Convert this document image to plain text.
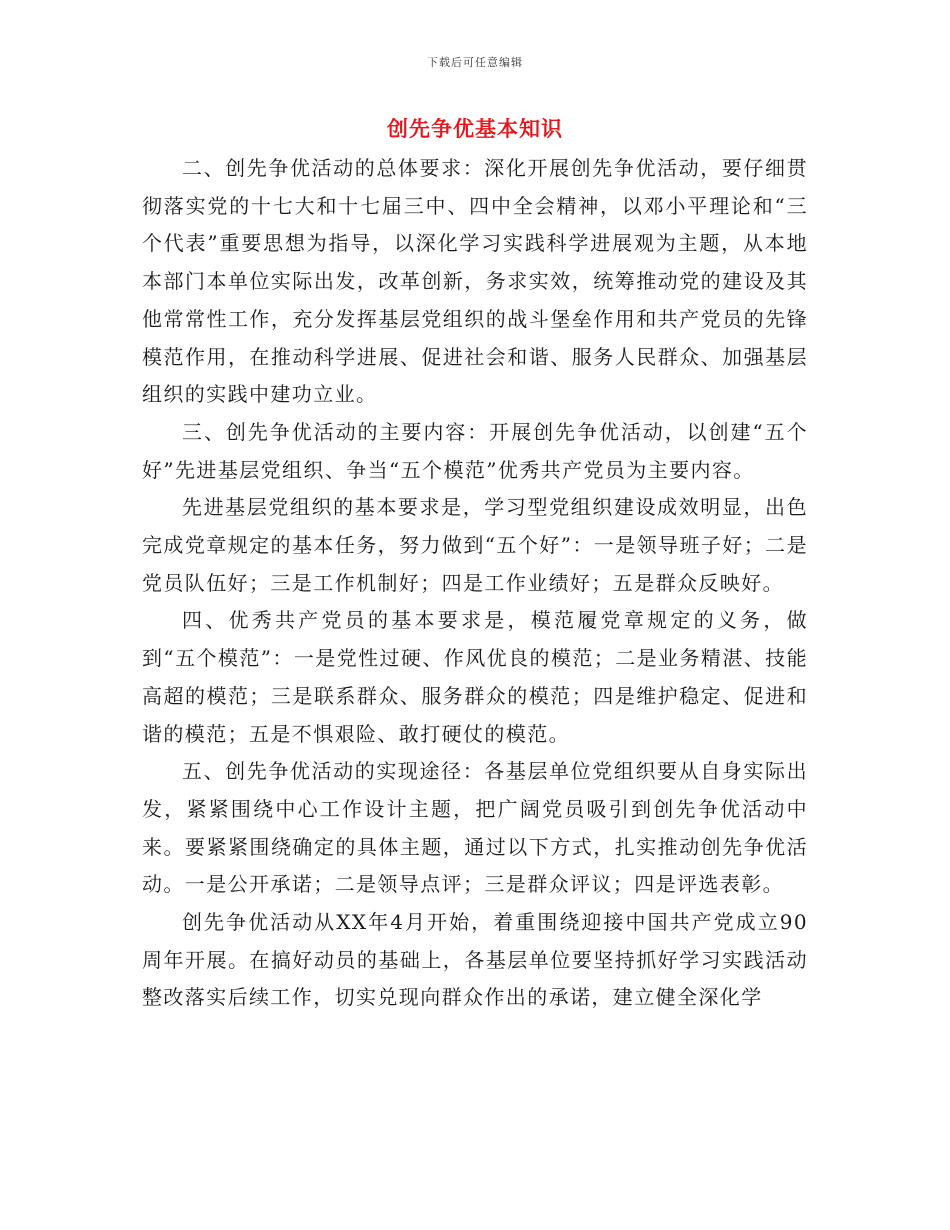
下载后可任意编辑
创先争优基本知识

二、创先争优活动的总体要求：深化开展创先争优活动，要仔细贯彻落实党的十七大和十七届三中、四中全会精神，以邓小平理论和“三个代表”重要思想为指导，以深化学习实践科学进展观为主题，从本地本部门本单位实际出发，改革创新，务求实效，统筹推动党的建设及其他常常性工作，充分发挥基层党组织的战斗堡垒作用和共产党员的先锋模范作用，在推动科学进展、促进社会和谐、服务人民群众、加强基层组织的实践中建功立业。

三、创先争优活动的主要内容：开展创先争优活动，以创建“五个好”先进基层党组织、争当“五个模范”优秀共产党员为主要内容。

先进基层党组织的基本要求是，学习型党组织建设成效明显，出色完成党章规定的基本任务，努力做到“五个好”：一是领导班子好；二是党员队伍好；三是工作机制好；四是工作业绩好；五是群众反映好。

四、优秀共产党员的基本要求是，模范履党章规定的义务，做到“五个模范”：一是党性过硬、作风优良的模范；二是业务精湛、技能高超的模范；三是联系群众、服务群众的模范；四是维护稳定、促进和谐的模范；五是不惧艰险、敢打硬仗的模范。

五、创先争优活动的实现途径：各基层单位党组织要从自身实际出发，紧紧围绕中心工作设计主题，把广阔党员吸引到创先争优活动中来。要紧紧围绕确定的具体主题，通过以下方式，扎实推动创先争优活动。一是公开承诺；二是领导点评；三是群众评议；四是评选表彰。

创先争优活动从XX年4月开始，着重围绕迎接中国共产党成立90周年开展。在搞好动员的基础上，各基层单位要坚持抓好学习实践活动整改落实后续工作，切实兑现向群众作出的承诺，建立健全深化学
